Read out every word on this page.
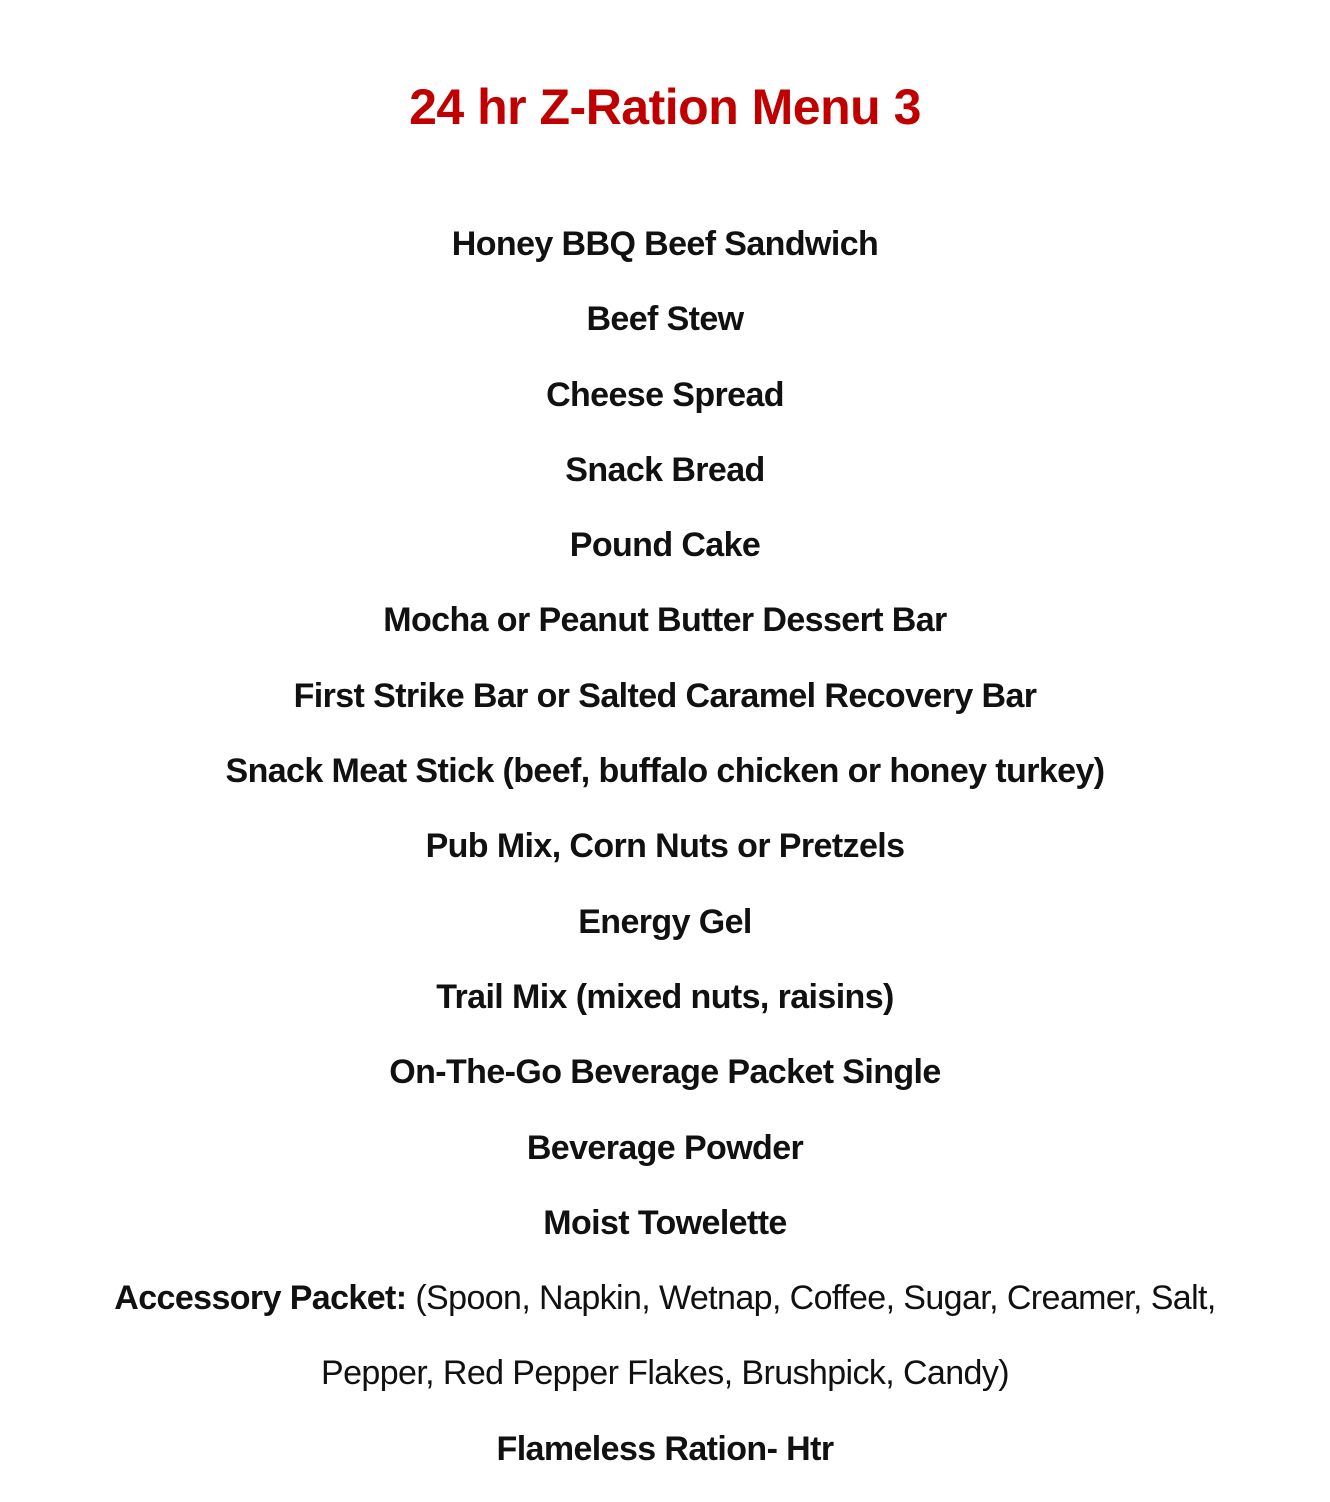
24 hr Z-Ration Menu 3
Honey BBQ Beef Sandwich
Beef Stew
Cheese Spread
Snack Bread
Pound Cake
Mocha or Peanut Butter Dessert Bar
First Strike Bar or Salted Caramel Recovery Bar
Snack Meat Stick (beef, buffalo chicken or honey turkey)
Pub Mix, Corn Nuts or Pretzels
Energy Gel
Trail Mix (mixed nuts, raisins)
On-The-Go Beverage Packet Single
Beverage Powder
Moist Towelette
Accessory Packet: (Spoon, Napkin, Wetnap, Coffee, Sugar, Creamer, Salt,
Pepper, Red Pepper Flakes, Brushpick, Candy)
Flameless Ration- Htr
